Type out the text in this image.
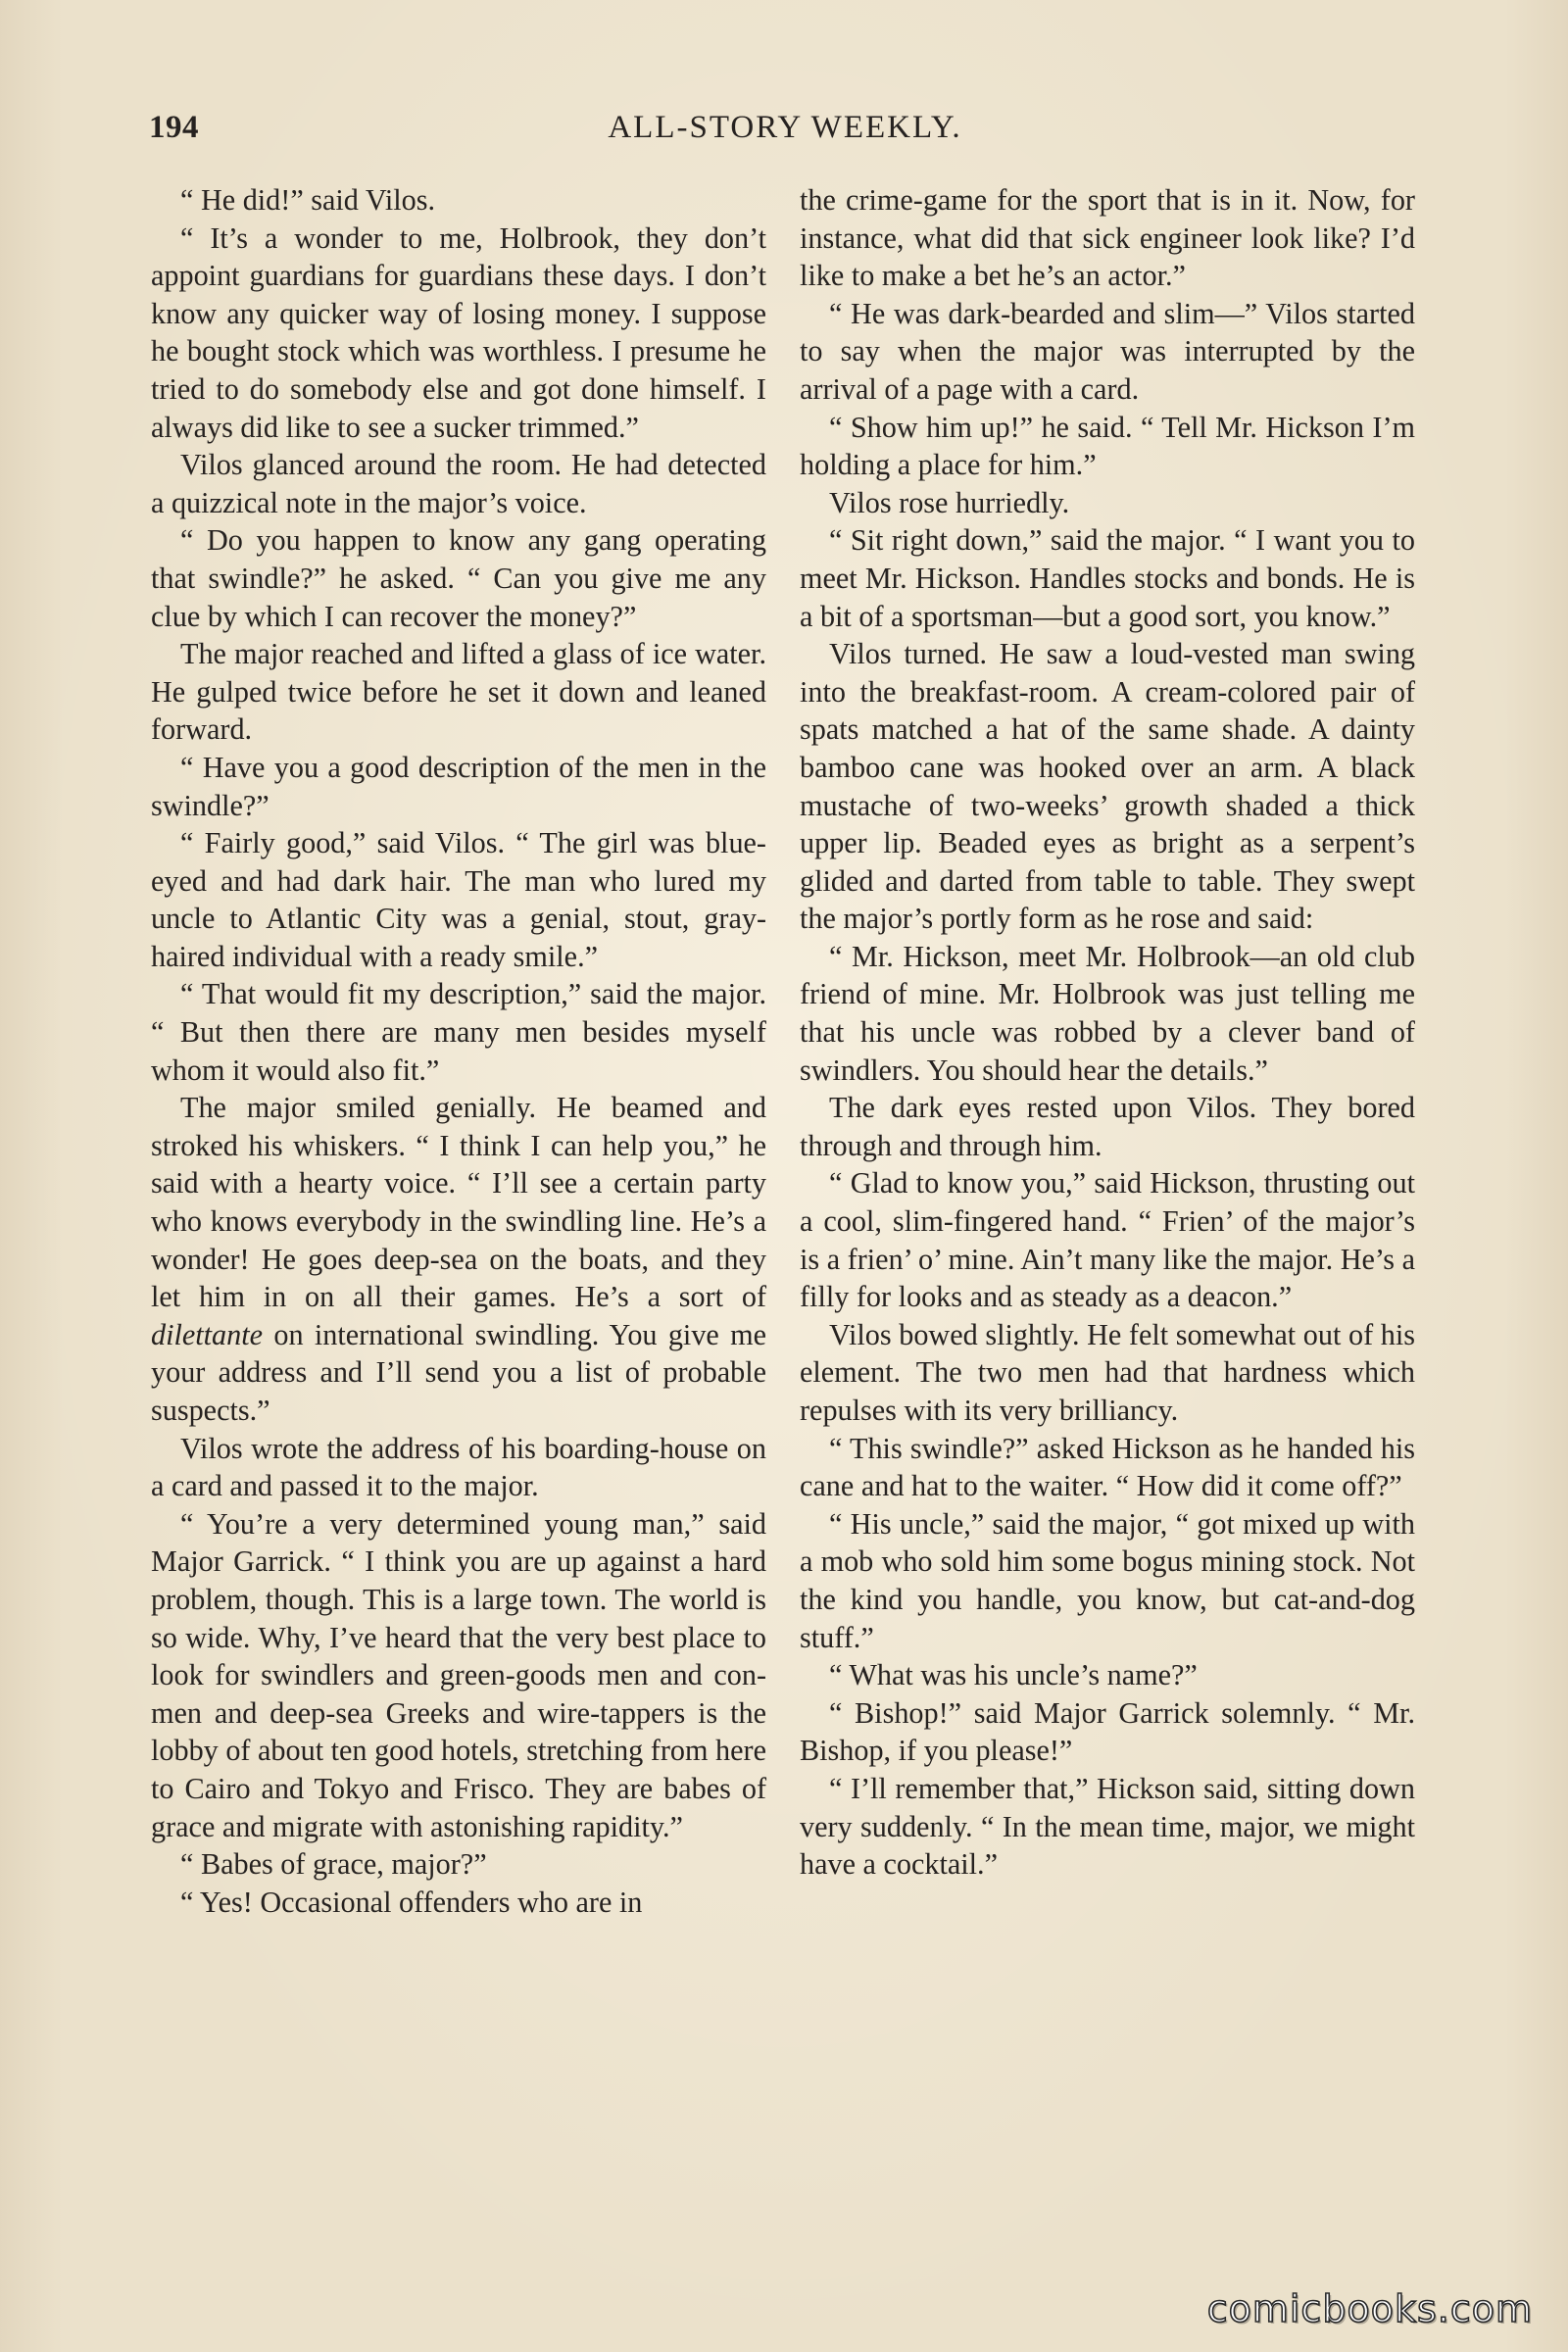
194	ALL-STORY WEEKLY.

“ He did!” said Vilos.

“ It’s a wonder to me, Holbrook, they don’t appoint guardians for guardians these days. I don’t know any quicker way of losing money. I suppose he bought stock which was worthless. I presume he tried to do somebody else and got done himself. I always did like to see a sucker trimmed.”

Vilos glanced around the room. He had detected a quizzical note in the major’s voice.

“ Do you happen to know any gang operating that swindle?” he asked. “ Can you give me any clue by which I can recover the money?”

The major reached and lifted a glass of ice water. He gulped twice before he set it down and leaned forward.

“ Have you a good description of the men in the swindle?”

“ Fairly good,” said Vilos. “ The girl was blue-eyed and had dark hair. The man who lured my uncle to Atlantic City was a genial, stout, gray-haired individual with a ready smile.”

“ That would fit my description,” said the major. “ But then there are many men besides myself whom it would also fit.”

The major smiled genially. He beamed and stroked his whiskers. “ I think I can help you,” he said with a hearty voice. “ I’ll see a certain party who knows everybody in the swindling line. He’s a wonder! He goes deep-sea on the boats, and they let him in on all their games. He’s a sort of dilettante on international swindling. You give me your address and I’ll send you a list of probable suspects.”

Vilos wrote the address of his boarding-house on a card and passed it to the major.

“ You’re a very determined young man,” said Major Garrick. “ I think you are up against a hard problem, though. This is a large town. The world is so wide. Why, I’ve heard that the very best place to look for swindlers and green-goods men and con-men and deep-sea Greeks and wire-tappers is the lobby of about ten good hotels, stretching from here to Cairo and Tokyo and Frisco. They are babes of grace and migrate with astonishing rapidity.”

“ Babes of grace, major?”

“ Yes! Occasional offenders who are in

the crime-game for the sport that is in it. Now, for instance, what did that sick engineer look like? I’d like to make a bet he’s an actor.”

“ He was dark-bearded and slim—” Vilos started to say when the major was interrupted by the arrival of a page with a card.

“ Show him up!” he said. “ Tell Mr. Hickson I’m holding a place for him.”

Vilos rose hurriedly.

“ Sit right down,” said the major. “ I want you to meet Mr. Hickson. Handles stocks and bonds. He is a bit of a sportsman—but a good sort, you know.”

Vilos turned. He saw a loud-vested man swing into the breakfast-room. A cream-colored pair of spats matched a hat of the same shade. A dainty bamboo cane was hooked over an arm. A black mustache of two-weeks’ growth shaded a thick upper lip. Beaded eyes as bright as a serpent’s glided and darted from table to table. They swept the major’s portly form as he rose and said:

“ Mr. Hickson, meet Mr. Holbrook—an old club friend of mine. Mr. Holbrook was just telling me that his uncle was robbed by a clever band of swindlers. You should hear the details.”

The dark eyes rested upon Vilos. They bored through and through him.

“ Glad to know you,” said Hickson, thrusting out a cool, slim-fingered hand. “ Frien’ of the major’s is a frien’ o’ mine. Ain’t many like the major. He’s a filly for looks and as steady as a deacon.”

Vilos bowed slightly. He felt somewhat out of his element. The two men had that hardness which repulses with its very brilliancy.

“ This swindle?” asked Hickson as he handed his cane and hat to the waiter. “ How did it come off?”

“ His uncle,” said the major, “ got mixed up with a mob who sold him some bogus mining stock. Not the kind you handle, you know, but cat-and-dog stuff.”

“ What was his uncle’s name?”

“ Bishop!” said Major Garrick solemnly. “ Mr. Bishop, if you please!”

“ I’ll remember that,” Hickson said, sitting down very suddenly. “ In the mean time, major, we might have a cocktail.”

comicbooks.com
